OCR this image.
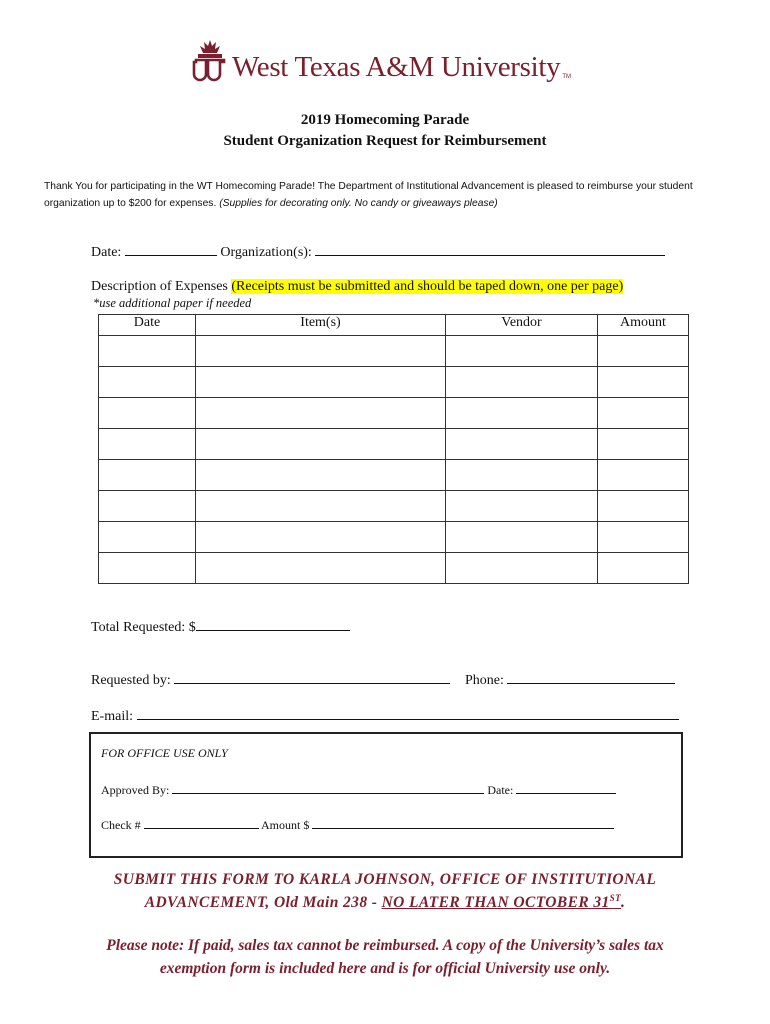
West Texas A&M University TM
2019 Homecoming Parade
Student Organization Request for Reimbursement
Thank You for participating in the WT Homecoming Parade! The Department of Institutional Advancement is pleased to reimburse your student organization up to $200 for expenses. (Supplies for decorating only. No candy or giveaways please)
Date:	Organization(s):
Description of Expenses (Receipts must be submitted and should be taped down, one per page)
*use additional paper if needed
Date	Item(s)	Vendor	Amount

Total Requested: $
Requested by:	Phone:
E-mail:
FOR OFFICE USE ONLY
Approved By:	Date:
Check #	Amount $
SUBMIT THIS FORM TO KARLA JOHNSON, OFFICE OF INSTITUTIONAL
ADVANCEMENT, Old Main 238 - NO LATER THAN OCTOBER 31ST.
Please note: If paid, sales tax cannot be reimbursed. A copy of the University’s sales tax
exemption form is included here and is for official University use only.
